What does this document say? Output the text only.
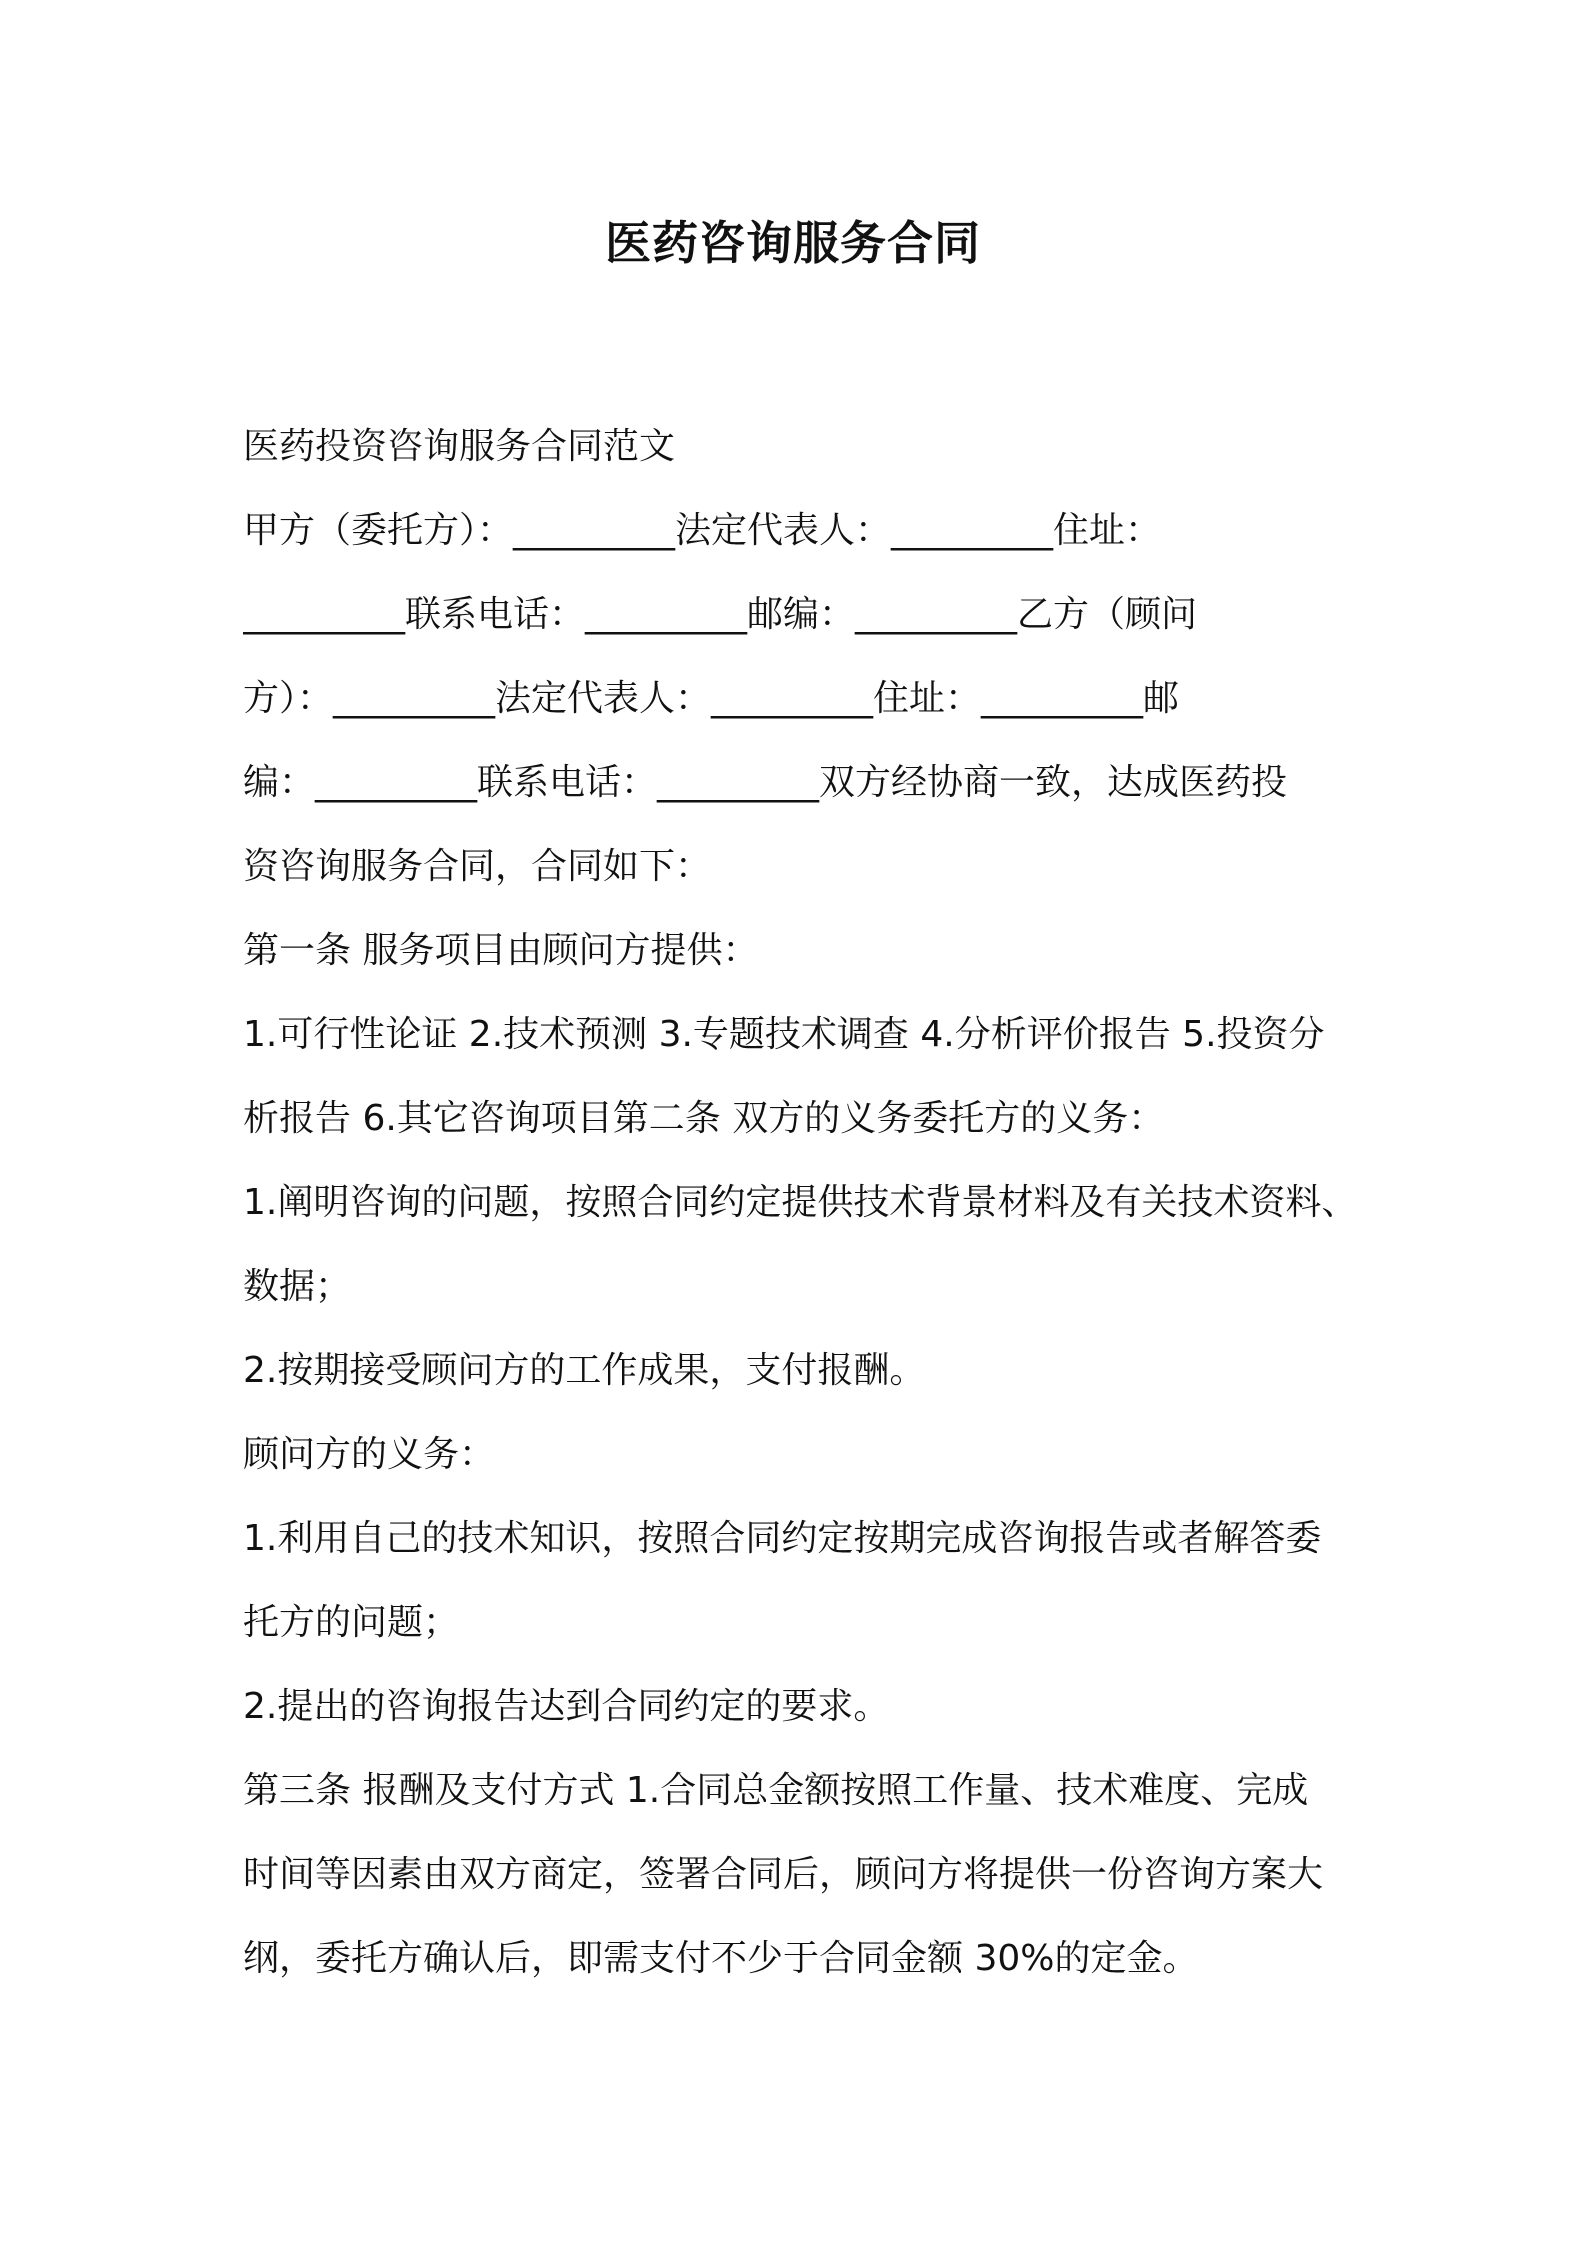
医药咨询服务合同
医药投资咨询服务合同范文
甲方（委托方）：_________法定代表人：_________住址：
_________联系电话：_________邮编：_________乙方（顾问
方）：_________法定代表人：_________住址：_________邮
编：_________联系电话：_________双方经协商一致，达成医药投
资咨询服务合同，合同如下：
第一条 服务项目由顾问方提供：
1.可行性论证 2.技术预测 3.专题技术调查 4.分析评价报告 5.投资分
析报告 6.其它咨询项目第二条 双方的义务委托方的义务：
1.阐明咨询的问题，按照合同约定提供技术背景材料及有关技术资料、
数据；
2.按期接受顾问方的工作成果，支付报酬。
顾问方的义务：
1.利用自己的技术知识，按照合同约定按期完成咨询报告或者解答委
托方的问题；
2.提出的咨询报告达到合同约定的要求。
第三条 报酬及支付方式 1.合同总金额按照工作量、技术难度、完成
时间等因素由双方商定，签署合同后，顾问方将提供一份咨询方案大
纲，委托方确认后，即需支付不少于合同金额 30%的定金。
